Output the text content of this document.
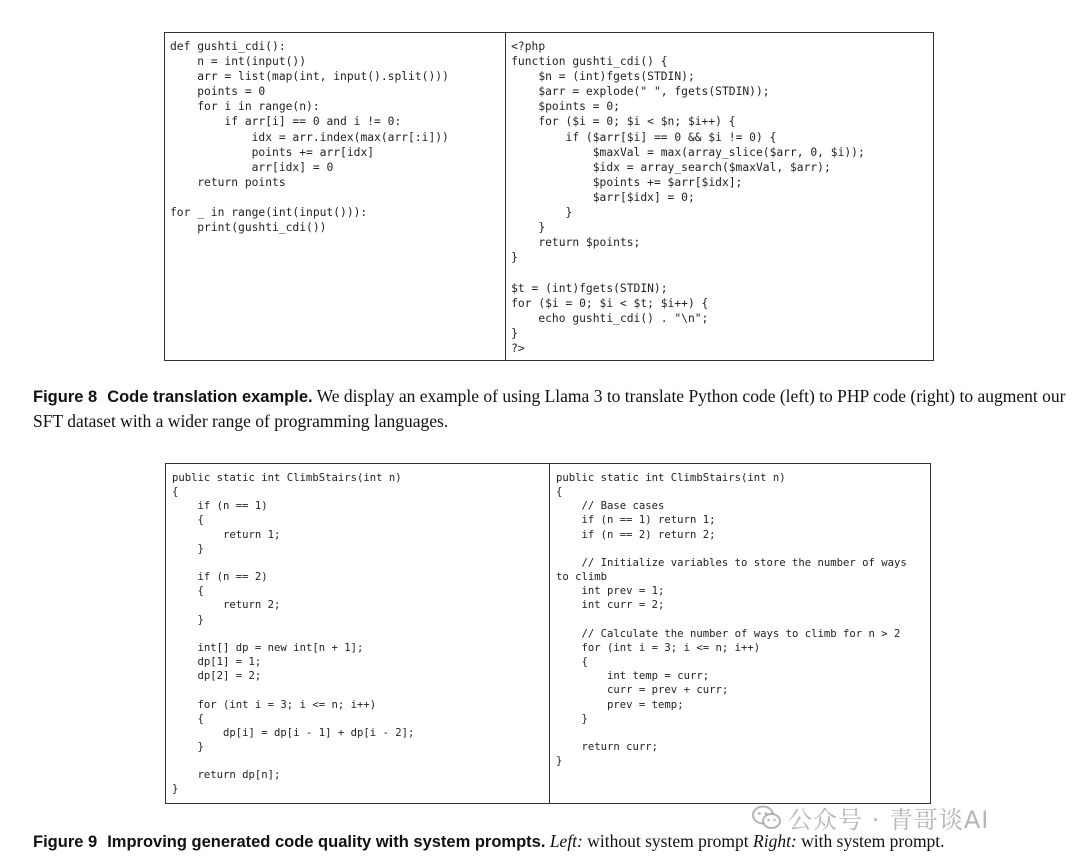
def gushti_cdi():
n = int(input())
arr = list(map(int, input().split()))
points = 0
for i in range(n):
if arr[i] == 0 and i != 0:
idx = arr.index(max(arr[:i]))
points += arr[idx]
arr[idx] = 0
return points

for _ in range(int(input())):
print(gushti_cdi())
<?php
function gushti_cdi() {
$n = (int)fgets(STDIN);
$arr = explode(" ", fgets(STDIN));
$points = 0;
for ($i = 0; $i < $n; $i++) {
if ($arr[$i] == 0 && $i != 0) {
$maxVal = max(array_slice($arr, 0, $i));
$idx = array_search($maxVal, $arr);
$points += $arr[$idx];
$arr[$idx] = 0;
}
}
return $points;
}

$t = (int)fgets(STDIN);
for ($i = 0; $i < $t; $i++) {
echo gushti_cdi() . "\n";
}
?>

Figure 8 Code translation example. We display an example of using Llama 3 to translate Python code (left) to PHP code (right) to augment our SFT dataset with a wider range of programming languages.

public static int ClimbStairs(int n)
{
if (n == 1)
{
return 1;
}

if (n == 2)
{
return 2;
}

int[] dp = new int[n + 1];
dp[1] = 1;
dp[2] = 2;

for (int i = 3; i <= n; i++)
{
dp[i] = dp[i - 1] + dp[i - 2];
}

return dp[n];
}
public static int ClimbStairs(int n)
{
// Base cases
if (n == 1) return 1;
if (n == 2) return 2;

// Initialize variables to store the number of ways to climb
int prev = 1;
int curr = 2;

// Calculate the number of ways to climb for n > 2
for (int i = 3; i <= n; i++)
{
int temp = curr;
curr = prev + curr;
prev = temp;
}

return curr;
}
公众号 · 青哥谈AI

Figure 9 Improving generated code quality with system prompts. Left: without system prompt Right: with system prompt.
